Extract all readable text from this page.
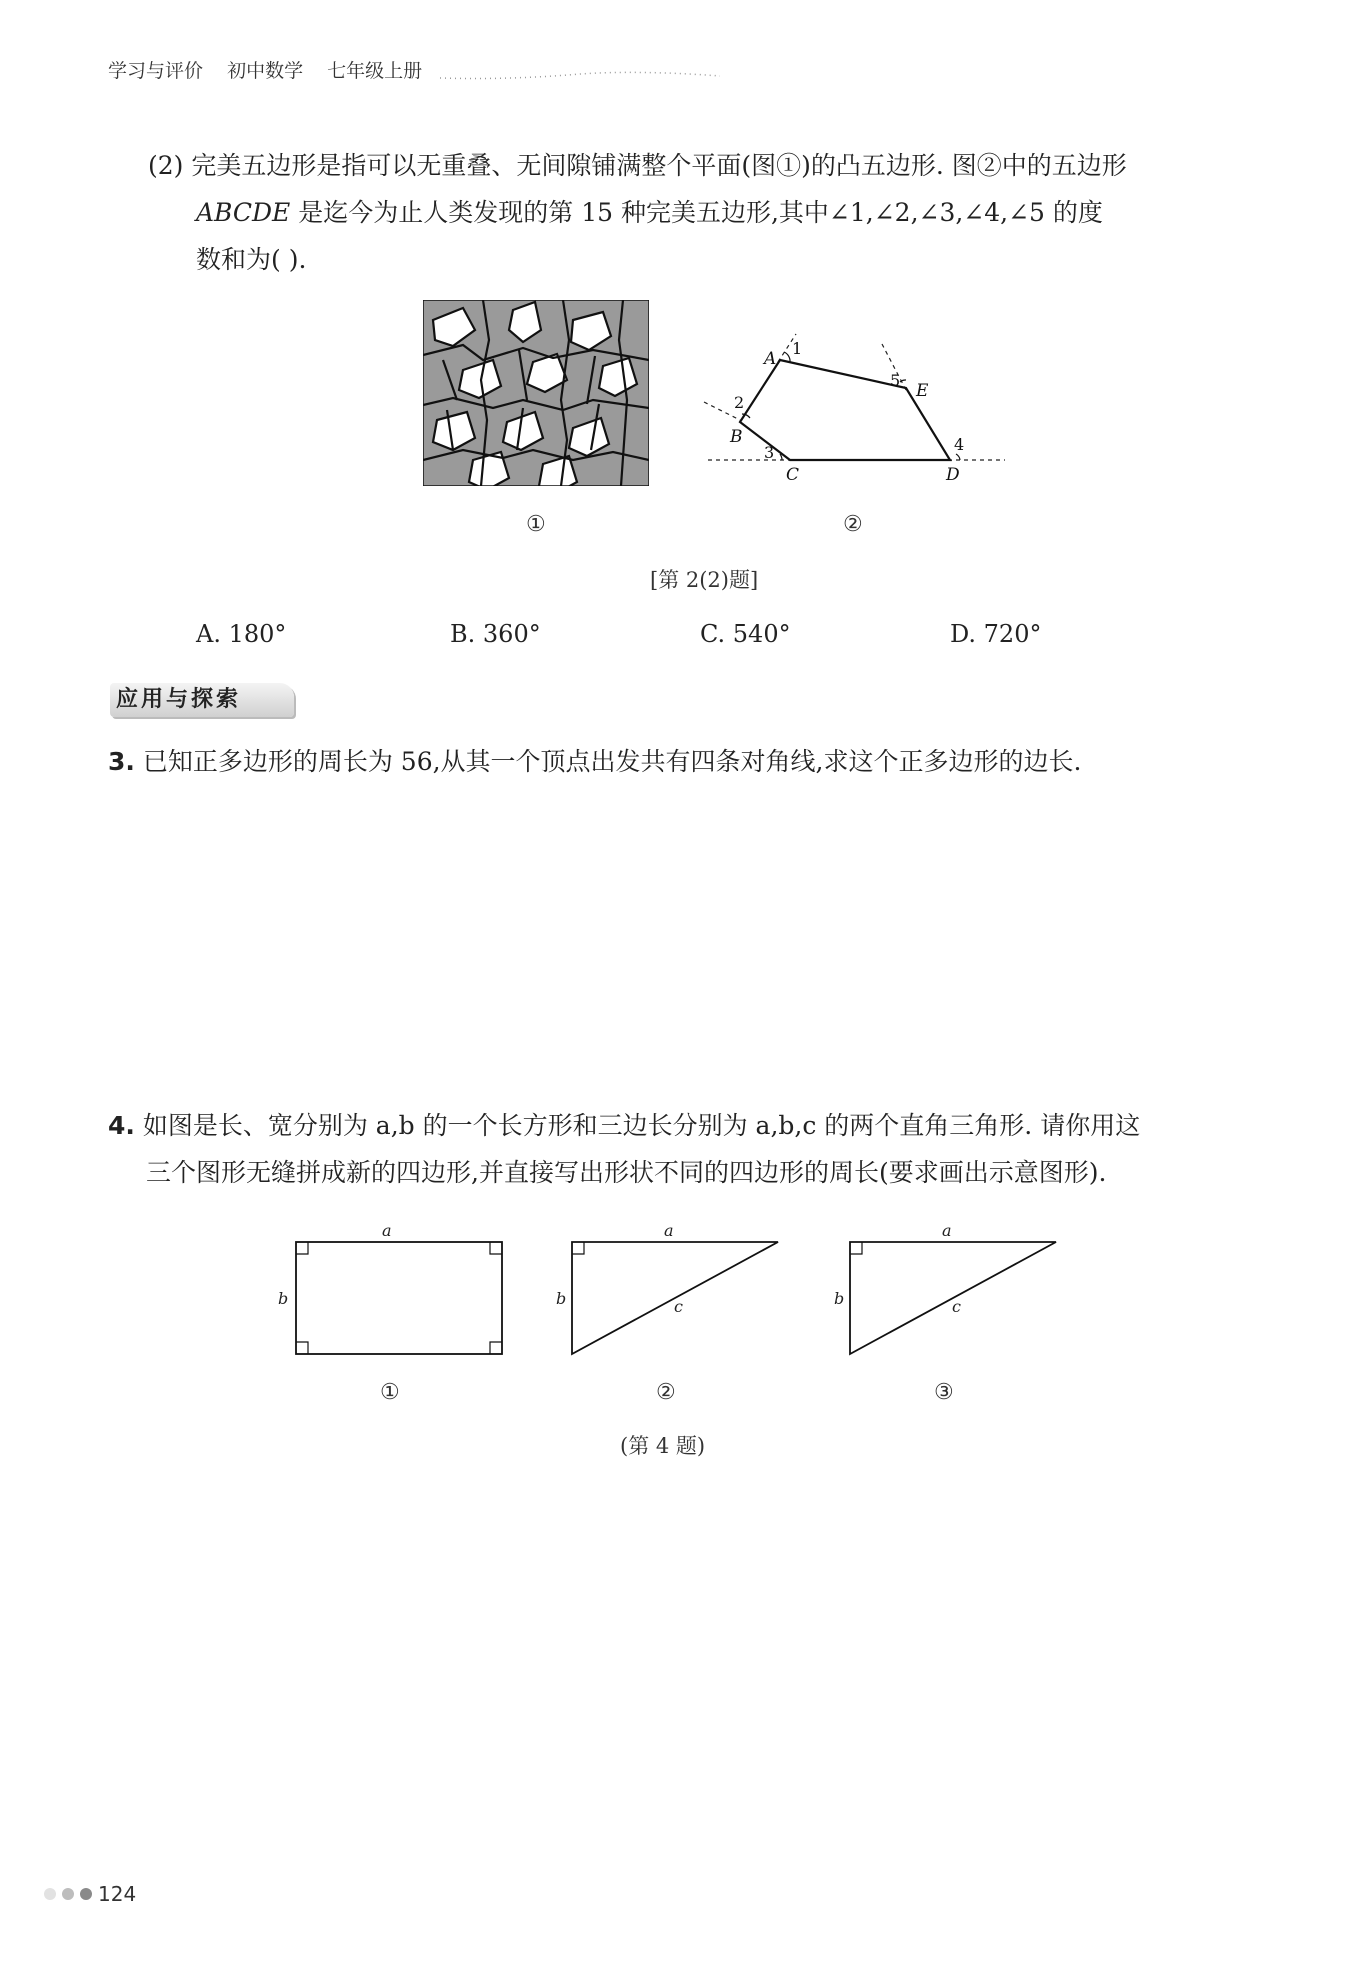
学习与评价 初中数学 七年级上册
(2) 完美五边形是指可以无重叠、无间隙铺满整个平面(图①)的凸五边形. 图②中的五边形
ABCDE 是迄今为止人类发现的第 15 种完美五边形,其中∠1,∠2,∠3,∠4,∠5 的度
数和为( ).
A
B
C	D
E
1
2
3	4
5
①	②
[第 2(2)题]
A. 180°	B. 360°	C. 540°	D. 720°
应用与探索
3. 已知正多边形的周长为 56,从其一个顶点出发共有四条对角线,求这个正多边形的边长.
4. 如图是长、宽分别为 a,b 的一个长方形和三边长分别为 a,b,c 的两个直角三角形. 请你用这
三个图形无缝拼成新的四边形,并直接写出形状不同的四边形的周长(要求画出示意图形).
a
b
a
b	c
a
b	c
①	②	③
(第 4 题)
124
